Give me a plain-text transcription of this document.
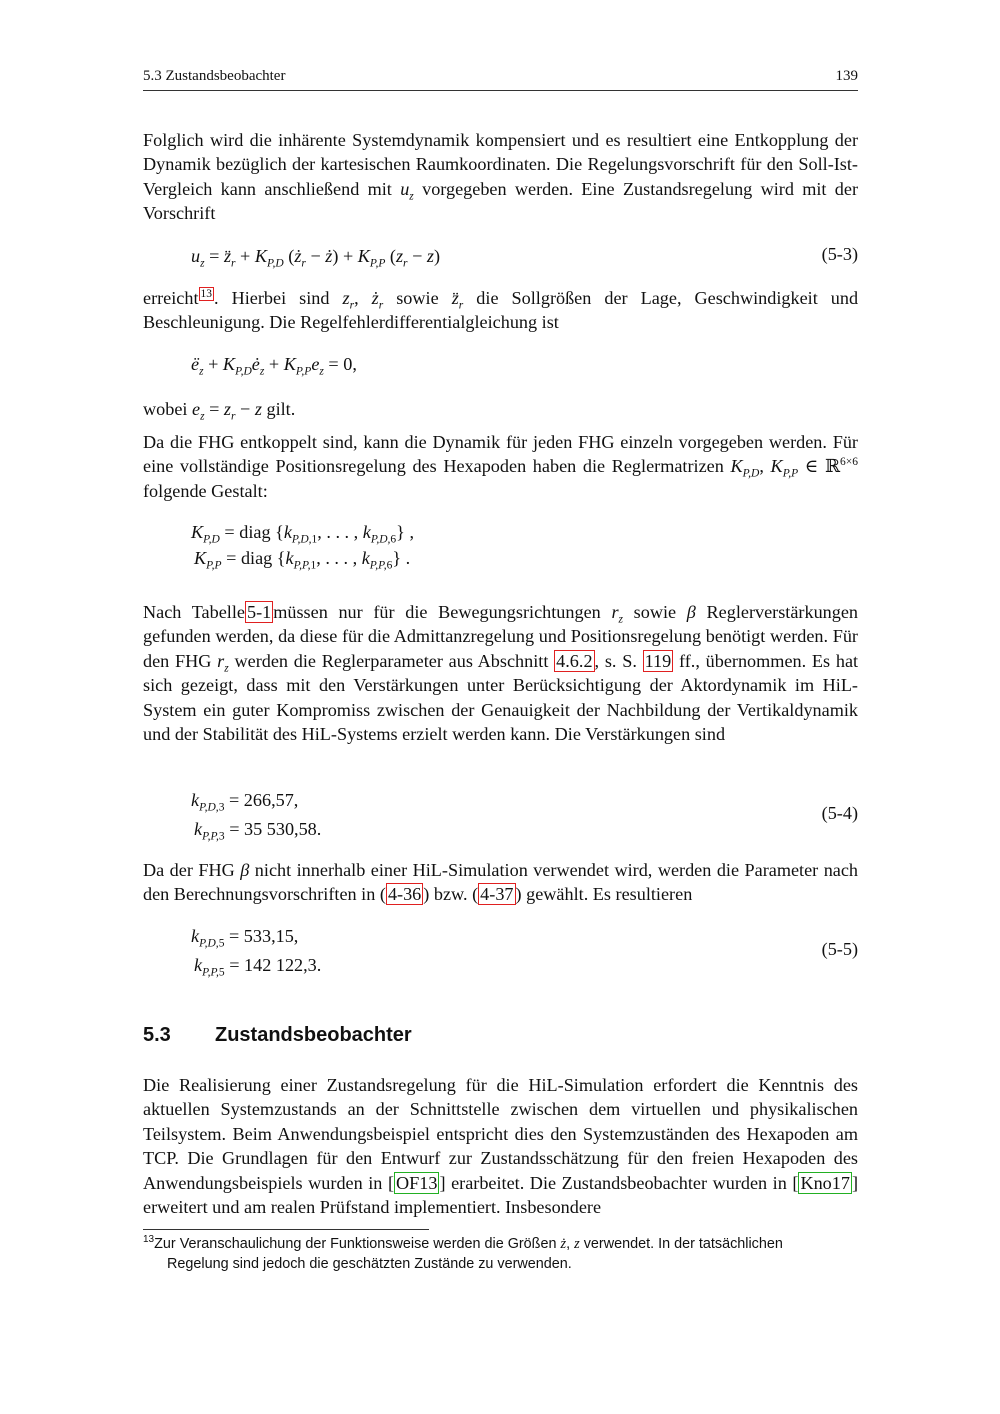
5.3 Zustandsbeobachter	139

Folglich wird die inhärente Systemdynamik kompensiert und es resultiert eine Entkopplung der Dynamik bezüglich der kartesischen Raumkoordinaten. Die Regelungsvorschrift für den Soll-Ist-Vergleich kann anschließend mit $u_z$ vorgegeben werden. Eine Zustandsregelung wird mit der Vorschrift

$u_z$ = $z̈_r + K_{P,D}$ ($ż_r$ − ż) + $K_{P,P}$ $(z_r - z)$	(5-3)

erreicht $^{13}$ . Hierbei sind $z_r$, $ż_r$ sowie $z̈_r$ die Sollgrößen der Lage, Geschwindigkeit und Beschleunigung. Die Regelfehlerdifferentialgleichung ist

$ë_z$ + $K_{P,D}ė_z + K_{P,P}e_z = 0$,

wobei $e_z = z_r - z$ gilt.

Da die FHG entkoppelt sind, kann die Dynamik für jeden FHG einzeln vorgegeben werden. Für eine vollständige Positionsregelung des Hexapoden haben die Reglermatrizen $K_{P,D}$, $K_{P,P}$ ∈ ℝ$^{6\times 6}$ folgende Gestalt:

$K_{P,D}$ = diag {$k_{P,D,1}$, . . . , $k_{P,D,6}$} ,
$K_{P,P}$ = diag {$k_{P,P,1}$, . . . , $k_{P,P,6}$} .

Nach Tabelle 5-1 müssen nur für die Bewegungsrichtungen $r_z$ sowie β Reglerverstärkungen gefunden werden, da diese für die Admittanzregelung und Positionsregelung benötigt werden. Für den FHG $r_z$ werden die Reglerparameter aus Abschnitt 4.6.2 , s. S. 119 ff., übernommen. Es hat sich gezeigt, dass mit den Verstärkungen unter Berücksichtigung der Aktordynamik im HiL-System ein guter Kompromiss zwischen der Genauigkeit der Nachbildung der Vertikaldynamik und der Stabilität des HiL-Systems erzielt werden kann. Die Verstärkungen sind

$k_{P,D,3} = 266,57$,
$k_{P,P,3} = 35$ 530,58.
(5-4)

Da der FHG β nicht innerhalb einer HiL-Simulation verwendet wird, werden die Parameter nach den Berechnungsvorschriften in ( 4-36 ) bzw. ( 4-37 ) gewählt. Es resultieren

$k_{P,D,5} = 533,15$,
$k_{P,P,5} = 142$ 122,3.
(5-5)
5.3 Zustandsbeobachter

Die Realisierung einer Zustandsregelung für die HiL-Simulation erfordert die Kenntnis des aktuellen Systemzustands an der Schnittstelle zwischen dem virtuellen und physikalischen Teilsystem. Beim Anwendungsbeispiel entspricht dies den Systemzuständen des Hexapoden am TCP. Die Grundlagen für den Entwurf zur Zustandsschätzung für den freien Hexapoden des Anwendungsbeispiels wurden in [ OF13 ] erarbeitet. Die Zustandsbeobachter wurden in [ Kno17 ] erweitert und am realen Prüfstand implementiert. Insbesondere

$^{13}$Zur Veranschaulichung der Funktionsweise werden die Größen ż, z verwendet. In der tatsächlichen
Regelung sind jedoch die geschätzten Zustände zu verwenden.
